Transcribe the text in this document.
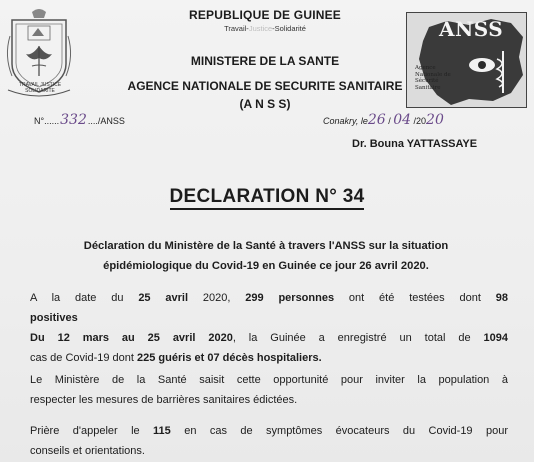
TRAVAIL JUSTICE SOLIDARITE
REPUBLIQUE DE GUINEE
Travail-Justice-Solidarité
MINISTERE DE LA SANTE
AGENCE NATIONALE DE SECURITE SANITAIRE
(A N S S)
ANSS
Agence Nationale de Sécurité Sanitaire
N°......332..../ANSS	Conakry, le26 / 04 /2020
Dr. Bouna YATTASSAYE
DECLARATION N° 34
Déclaration du Ministère de la Santé à travers l'ANSS sur la situation
épidémiologique du Covid-19 en Guinée ce jour 26 avril 2020.
A la date du 25 avril 2020, 299 personnes ont été testées dont 98
positives
Du 12 mars au 25 avril 2020, la Guinée a enregistré un total de 1094
cas de Covid-19 dont 225 guéris et 07 décès hospitaliers.
Le Ministère de la Santé saisit cette opportunité pour inviter la population à
respecter les mesures de barrières sanitaires édictées.
Prière d'appeler le 115 en cas de symptômes évocateurs du Covid-19 pour
conseils et orientations.
